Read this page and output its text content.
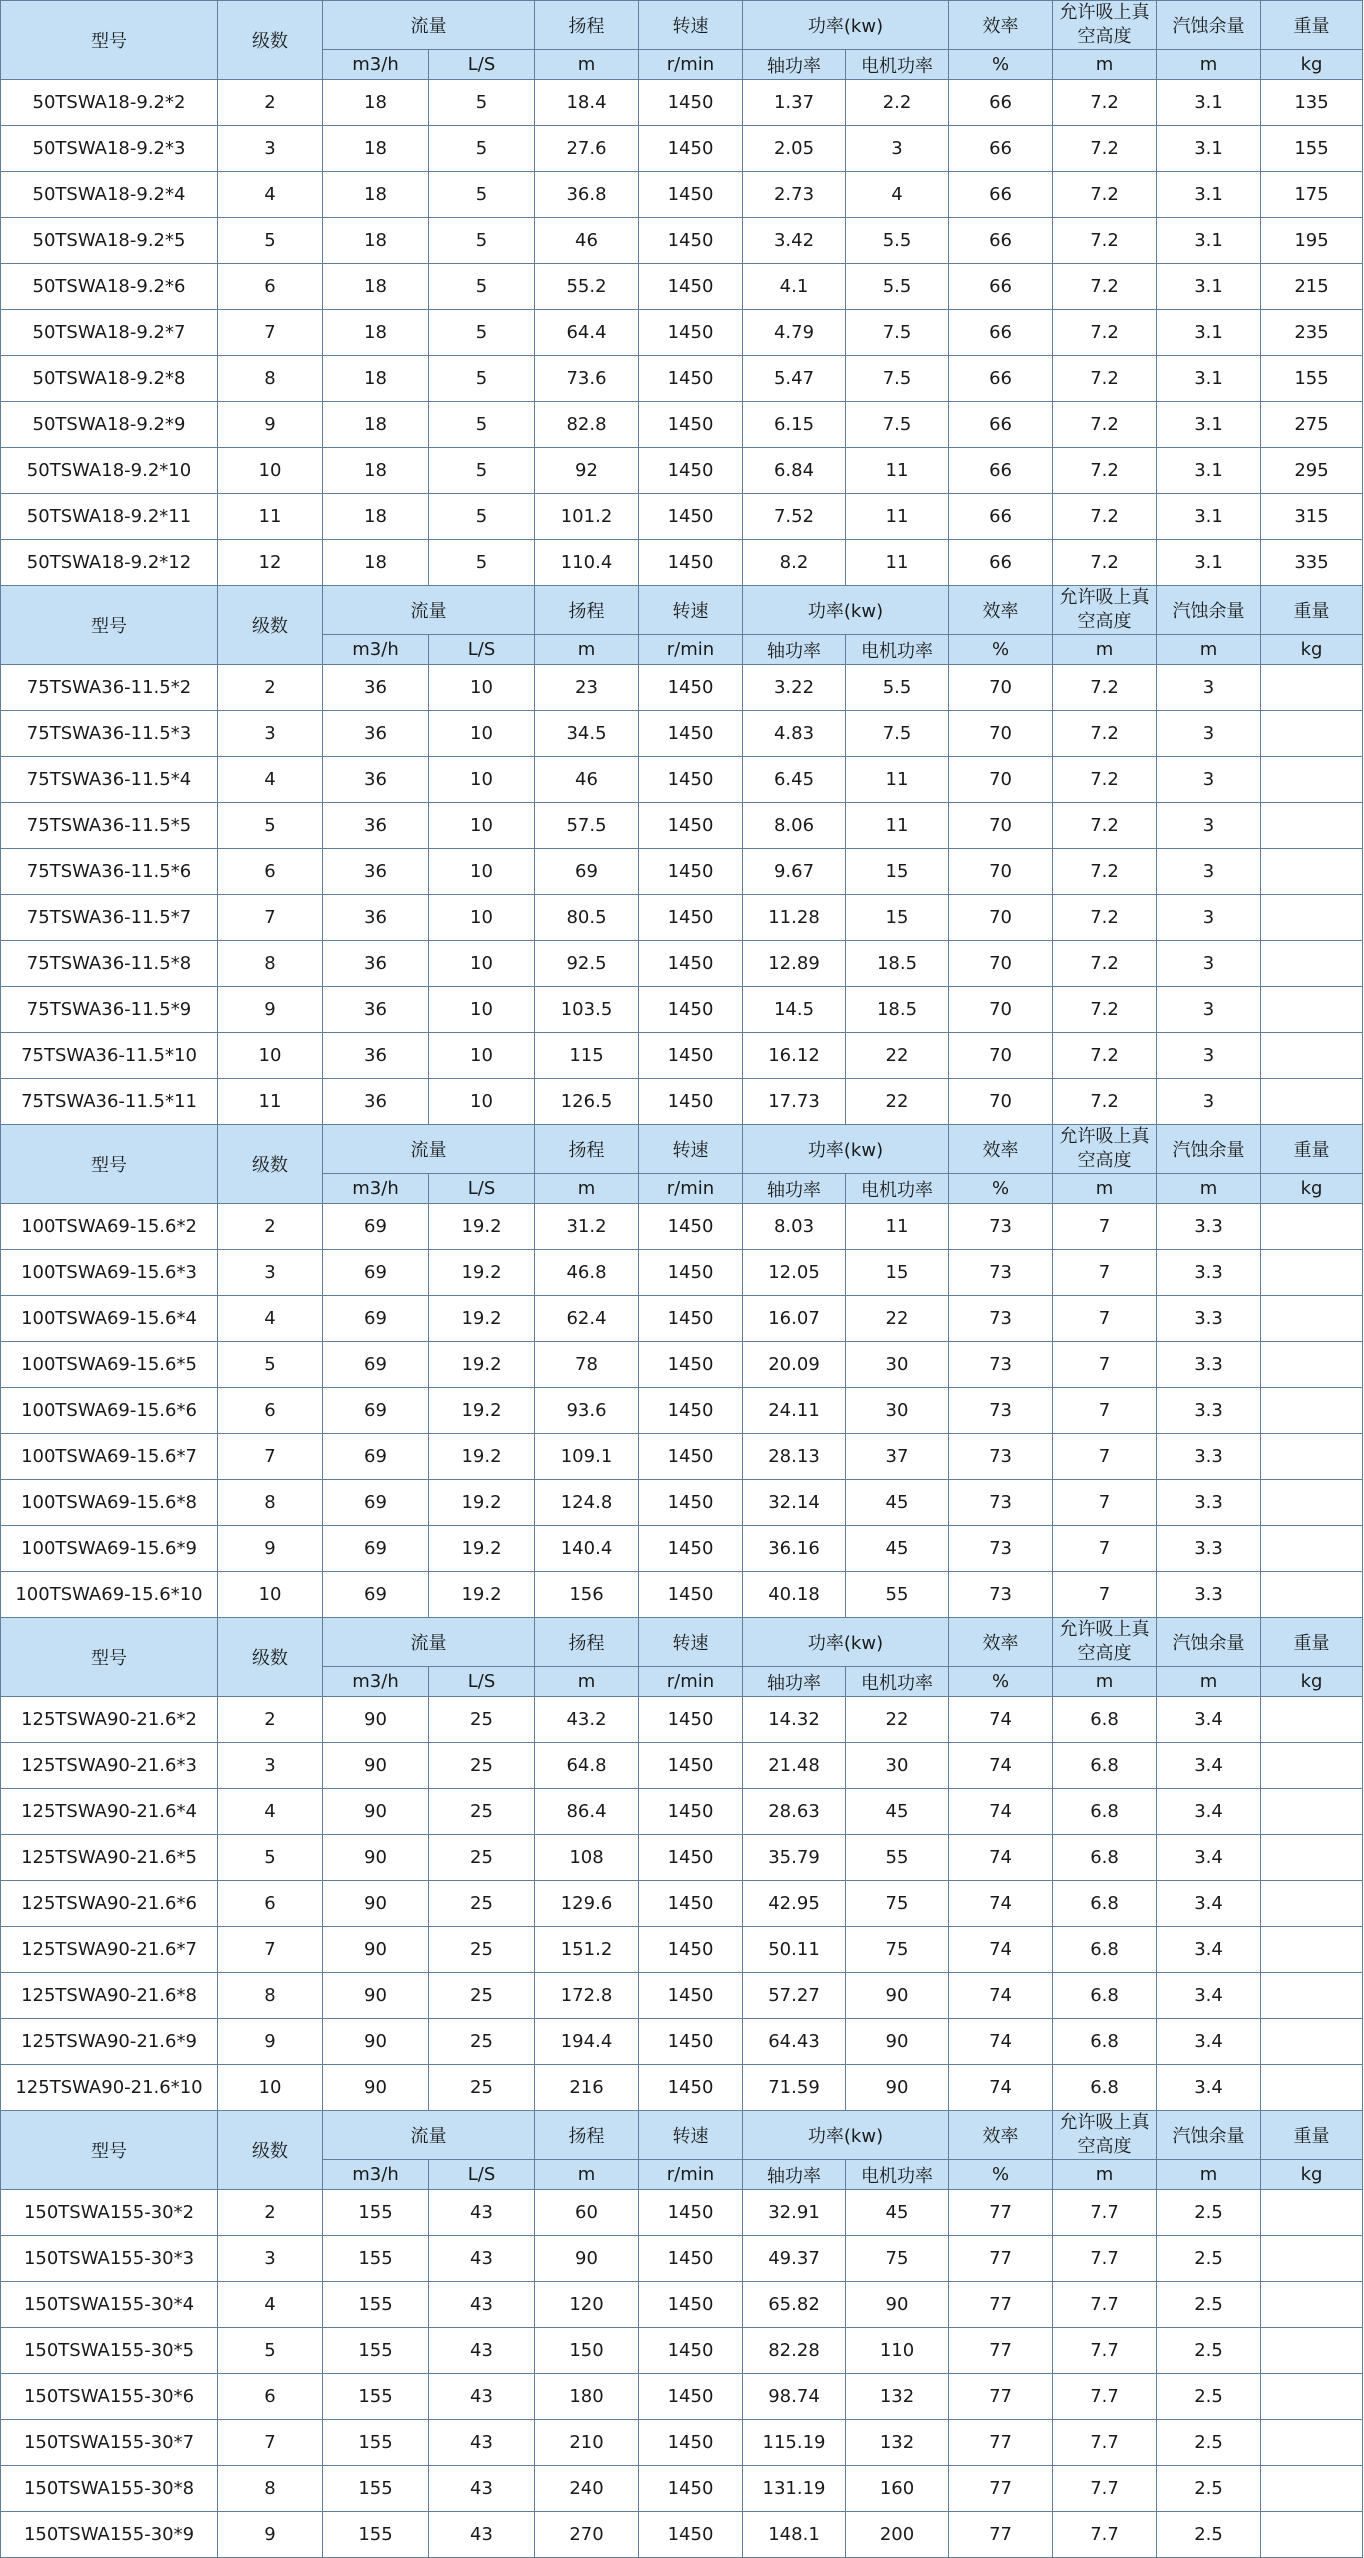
型号	级数	流量		扬程	转速	功率(kw)		效率	允许吸上真空高度	汽蚀余量	重量
		m3/h	L/S	m	r/min	轴功率	电机功率	%	m	m	kg
50TSWA18-9.2*2	2	18	5	18.4	1450	1.37	2.2	66	7.2	3.1	135
50TSWA18-9.2*3	3	18	5	27.6	1450	2.05	3	66	7.2	3.1	155
50TSWA18-9.2*4	4	18	5	36.8	1450	2.73	4	66	7.2	3.1	175
50TSWA18-9.2*5	5	18	5	46	1450	3.42	5.5	66	7.2	3.1	195
50TSWA18-9.2*6	6	18	5	55.2	1450	4.1	5.5	66	7.2	3.1	215
50TSWA18-9.2*7	7	18	5	64.4	1450	4.79	7.5	66	7.2	3.1	235
50TSWA18-9.2*8	8	18	5	73.6	1450	5.47	7.5	66	7.2	3.1	155
50TSWA18-9.2*9	9	18	5	82.8	1450	6.15	7.5	66	7.2	3.1	275
50TSWA18-9.2*10	10	18	5	92	1450	6.84	11	66	7.2	3.1	295
50TSWA18-9.2*11	11	18	5	101.2	1450	7.52	11	66	7.2	3.1	315
50TSWA18-9.2*12	12	18	5	110.4	1450	8.2	11	66	7.2	3.1	335
型号	级数	流量		扬程	转速	功率(kw)		效率	允许吸上真空高度	汽蚀余量	重量
		m3/h	L/S	m	r/min	轴功率	电机功率	%	m	m	kg
75TSWA36-11.5*2	2	36	10	23	1450	3.22	5.5	70	7.2	3	
75TSWA36-11.5*3	3	36	10	34.5	1450	4.83	7.5	70	7.2	3	
75TSWA36-11.5*4	4	36	10	46	1450	6.45	11	70	7.2	3	
75TSWA36-11.5*5	5	36	10	57.5	1450	8.06	11	70	7.2	3	
75TSWA36-11.5*6	6	36	10	69	1450	9.67	15	70	7.2	3	
75TSWA36-11.5*7	7	36	10	80.5	1450	11.28	15	70	7.2	3	
75TSWA36-11.5*8	8	36	10	92.5	1450	12.89	18.5	70	7.2	3	
75TSWA36-11.5*9	9	36	10	103.5	1450	14.5	18.5	70	7.2	3	
75TSWA36-11.5*10	10	36	10	115	1450	16.12	22	70	7.2	3	
75TSWA36-11.5*11	11	36	10	126.5	1450	17.73	22	70	7.2	3	
型号	级数	流量		扬程	转速	功率(kw)		效率	允许吸上真空高度	汽蚀余量	重量
		m3/h	L/S	m	r/min	轴功率	电机功率	%	m	m	kg
100TSWA69-15.6*2	2	69	19.2	31.2	1450	8.03	11	73	7	3.3	
100TSWA69-15.6*3	3	69	19.2	46.8	1450	12.05	15	73	7	3.3	
100TSWA69-15.6*4	4	69	19.2	62.4	1450	16.07	22	73	7	3.3	
100TSWA69-15.6*5	5	69	19.2	78	1450	20.09	30	73	7	3.3	
100TSWA69-15.6*6	6	69	19.2	93.6	1450	24.11	30	73	7	3.3	
100TSWA69-15.6*7	7	69	19.2	109.1	1450	28.13	37	73	7	3.3	
100TSWA69-15.6*8	8	69	19.2	124.8	1450	32.14	45	73	7	3.3	
100TSWA69-15.6*9	9	69	19.2	140.4	1450	36.16	45	73	7	3.3	
100TSWA69-15.6*10	10	69	19.2	156	1450	40.18	55	73	7	3.3	
型号	级数	流量		扬程	转速	功率(kw)		效率	允许吸上真空高度	汽蚀余量	重量
		m3/h	L/S	m	r/min	轴功率	电机功率	%	m	m	kg
125TSWA90-21.6*2	2	90	25	43.2	1450	14.32	22	74	6.8	3.4	
125TSWA90-21.6*3	3	90	25	64.8	1450	21.48	30	74	6.8	3.4	
125TSWA90-21.6*4	4	90	25	86.4	1450	28.63	45	74	6.8	3.4	
125TSWA90-21.6*5	5	90	25	108	1450	35.79	55	74	6.8	3.4	
125TSWA90-21.6*6	6	90	25	129.6	1450	42.95	75	74	6.8	3.4	
125TSWA90-21.6*7	7	90	25	151.2	1450	50.11	75	74	6.8	3.4	
125TSWA90-21.6*8	8	90	25	172.8	1450	57.27	90	74	6.8	3.4	
125TSWA90-21.6*9	9	90	25	194.4	1450	64.43	90	74	6.8	3.4	
125TSWA90-21.6*10	10	90	25	216	1450	71.59	90	74	6.8	3.4	
型号	级数	流量		扬程	转速	功率(kw)		效率	允许吸上真空高度	汽蚀余量	重量
		m3/h	L/S	m	r/min	轴功率	电机功率	%	m	m	kg
150TSWA155-30*2	2	155	43	60	1450	32.91	45	77	7.7	2.5	
150TSWA155-30*3	3	155	43	90	1450	49.37	75	77	7.7	2.5	
150TSWA155-30*4	4	155	43	120	1450	65.82	90	77	7.7	2.5	
150TSWA155-30*5	5	155	43	150	1450	82.28	110	77	7.7	2.5	
150TSWA155-30*6	6	155	43	180	1450	98.74	132	77	7.7	2.5	
150TSWA155-30*7	7	155	43	210	1450	115.19	132	77	7.7	2.5	
150TSWA155-30*8	8	155	43	240	1450	131.19	160	77	7.7	2.5	
150TSWA155-30*9	9	155	43	270	1450	148.1	200	77	7.7	2.5	
